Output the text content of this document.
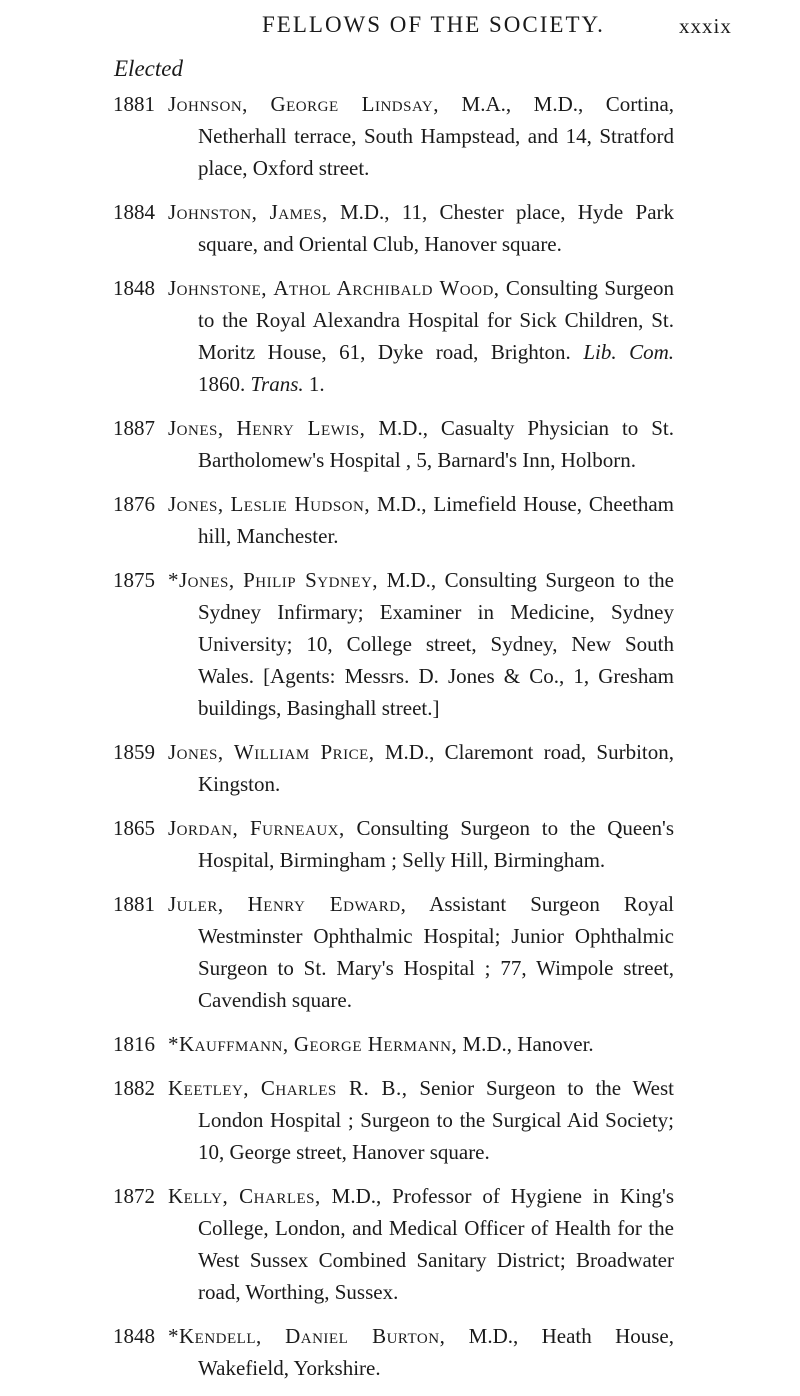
FELLOWS OF THE SOCIETY.	xxxix
Elected
1881 Johnson, George Lindsay, M.A., M.D., Cortina, Netherhall terrace, South Hampstead, and 14, Stratford place, Oxford street.
1884 Johnston, James, M.D., 11, Chester place, Hyde Park square, and Oriental Club, Hanover square.
1848 Johnstone, Athol Archibald Wood, Consulting Surgeon to the Royal Alexandra Hospital for Sick Children, St. Moritz House, 61, Dyke road, Brighton. Lib. Com. 1860. Trans. 1.
1887 Jones, Henry Lewis, M.D., Casualty Physician to St. Bartholomew's Hospital , 5, Barnard's Inn, Holborn.
1876 Jones, Leslie Hudson, M.D., Limefield House, Cheetham hill, Manchester.
1875 *Jones, Philip Sydney, M.D., Consulting Surgeon to the Sydney Infirmary; Examiner in Medicine, Sydney University; 10, College street, Sydney, New South Wales. [Agents: Messrs. D. Jones & Co., 1, Gresham buildings, Basinghall street.]
1859 Jones, William Price, M.D., Claremont road, Surbiton, Kingston.
1865 Jordan, Furneaux, Consulting Surgeon to the Queen's Hospital, Birmingham ; Selly Hill, Birmingham.
1881 Juler, Henry Edward, Assistant Surgeon Royal Westminster Ophthalmic Hospital; Junior Ophthalmic Surgeon to St. Mary's Hospital ; 77, Wimpole street, Cavendish square.
1816 *Kauffmann, George Hermann, M.D., Hanover.
1882 Keetley, Charles R. B., Senior Surgeon to the West London Hospital ; Surgeon to the Surgical Aid Society; 10, George street, Hanover square.
1872 Kelly, Charles, M.D., Professor of Hygiene in King's College, London, and Medical Officer of Health for the West Sussex Combined Sanitary District; Broadwater road, Worthing, Sussex.
1848 *Kendell, Daniel Burton, M.D., Heath House, Wakefield, Yorkshire.
